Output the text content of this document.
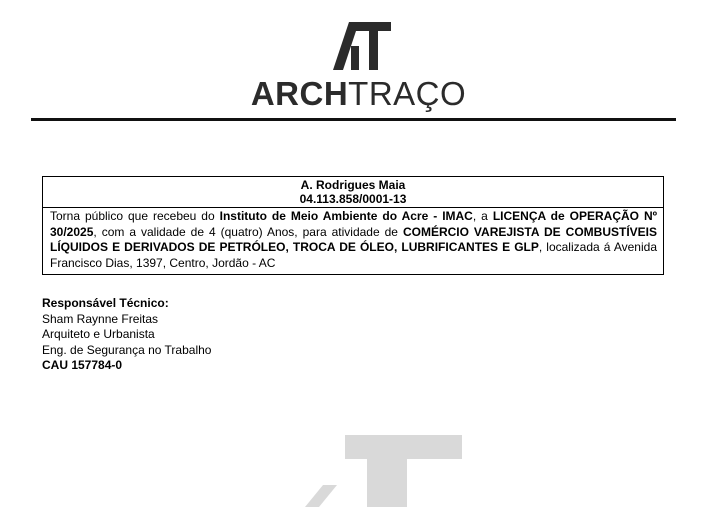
ARCHTRAÇO
A. Rodrigues Maia
04.113.858/0001-13
Torna público que recebeu do Instituto de Meio Ambiente do Acre - IMAC, a LICENÇA de OPERAÇÃO Nº 30/2025, com a validade de 4 (quatro) Anos, para atividade de COMÉRCIO VAREJISTA DE COMBUSTÍVEIS LÍQUIDOS E DERIVADOS DE PETRÓLEO, TROCA DE ÓLEO, LUBRIFICANTES E GLP, localizada á Avenida Francisco Dias, 1397, Centro, Jordão - AC
Responsável Técnico:
Sham Raynne Freitas
Arquiteto e Urbanista
Eng. de Segurança no Trabalho
CAU 157784-0
